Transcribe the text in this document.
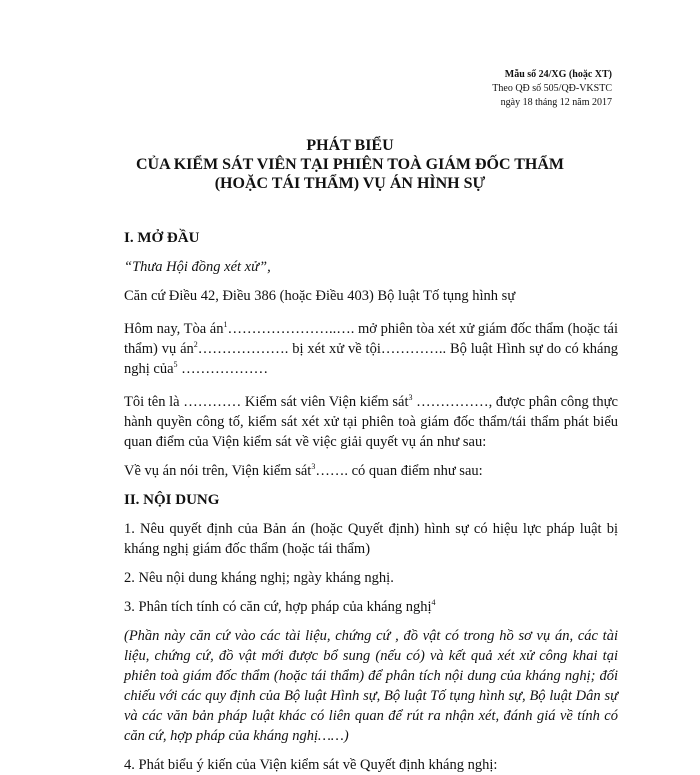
Mẫu số 24/XG (hoặc XT)
Theo QĐ số 505/QĐ-VKSTC
ngày 18 tháng 12 năm 2017
PHÁT BIỂU
CỦA KIỂM SÁT VIÊN TẠI PHIÊN TOÀ GIÁM ĐỐC THẨM
(HOẶC TÁI THẨM) VỤ ÁN HÌNH SỰ

I. MỞ ĐẦU

“Thưa Hội đồng xét xử”,

Căn cứ Điều 42, Điều 386 (hoặc Điều 403) Bộ luật Tố tụng hình sự

Hôm nay, Tòa $án^1\dots\dots\dots\dots\dots\dots\dots..\dots$. mở phiên tòa xét xử giám đốc thẩm (hoặc tái thẩm) vụ $án^2\dots\dots\dots\dots\dots\dots$. bị xét xử về tội………….. Bộ luật Hình sự do có kháng nghị của$^5$ ………………

Tôi tên là ………… Kiểm sát viên Viện kiểm sát$^3$ ……………, được phân công thực hành quyền công tố, kiểm sát xét xử tại phiên toà giám đốc thẩm/tái thẩm phát biểu quan điểm của Viện kiểm sát về việc giải quyết vụ án như sau:

Về vụ án nói trên, Viện kiểm sát$^3$……. có quan điểm như sau:

II. NỘI DUNG

1. Nêu quyết định của Bản án (hoặc Quyết định) hình sự có hiệu lực pháp luật bị kháng nghị giám đốc thẩm (hoặc tái thẩm)

2. Nêu nội dung kháng nghị; ngày kháng nghị.

3. Phân tích tính có căn cứ, hợp pháp của kháng nghị$^4$

(Phần này căn cứ vào các tài liệu, chứng cứ , đồ vật có trong hồ sơ vụ án, các tài liệu, chứng cứ, đồ vật mới được bổ sung (nếu có) và kết quả xét xử công khai tại phiên toà giám đốc thẩm (hoặc tái thẩm) để phân tích nội dung của kháng nghị; đối chiếu với các quy định của Bộ luật Hình sự, Bộ luật Tố tụng hình sự, Bộ luật Dân sự và các văn bản pháp luật khác có liên quan để rút ra nhận xét, đánh giá về tính có căn cứ, hợp pháp của kháng nghị……)

4. Phát biểu ý kiến của Viện kiểm sát về Quyết định kháng nghị:
